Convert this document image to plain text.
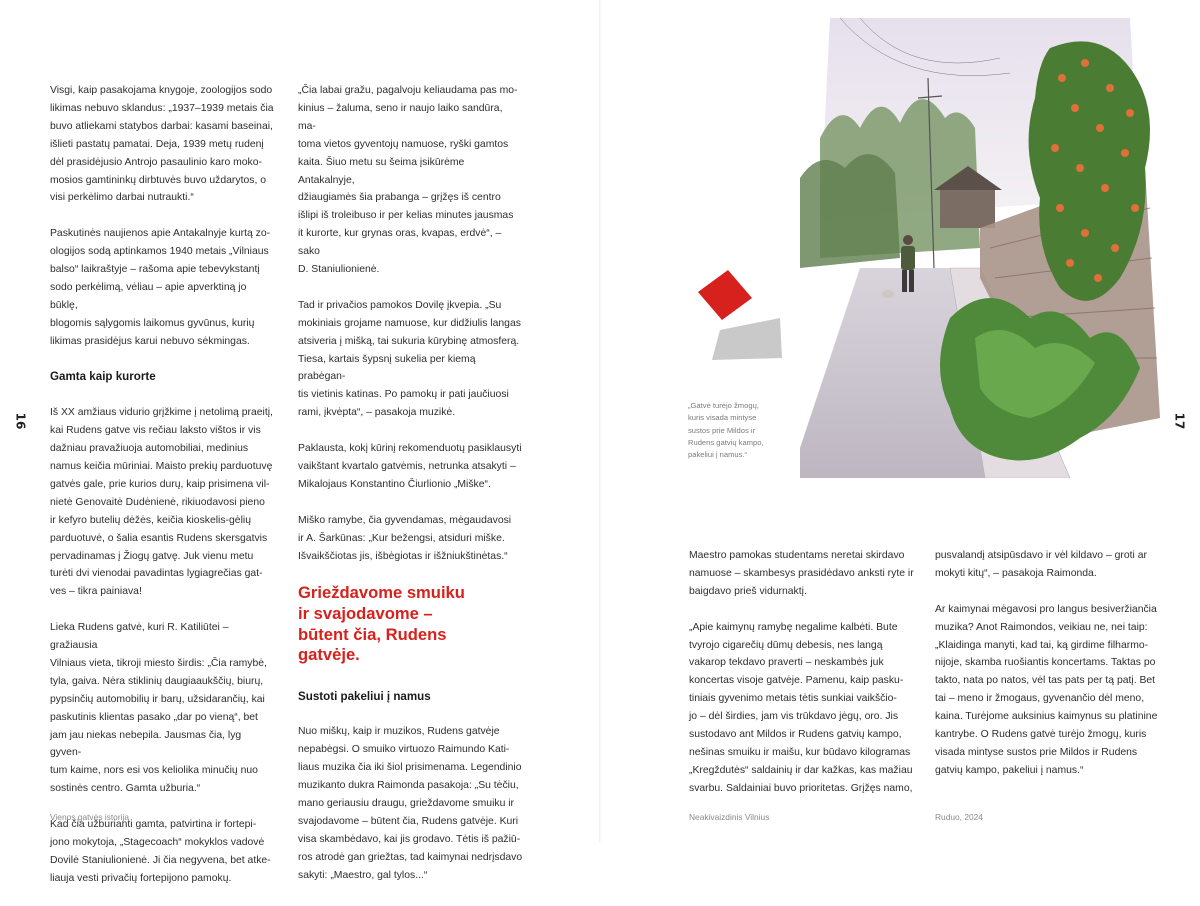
16	17

Visgi, kaip pasakojama knygoje, zoologijos sodo
likimas nebuvo sklandus: „1937–1939 metais čia
buvo atliekami statybos darbai: kasami baseinai,
išlieti pastatų pamatai. Deja, 1939 metų rudenį
dėl prasidėjusio Antrojo pasaulinio karo moko-
mosios gamtininkų dirbtuvės buvo uždarytos, o
visi perkėlimo darbai nutraukti.“

Paskutinės naujienos apie Antakalnyje kurtą zo-
ologijos sodą aptinkamos 1940 metais „Vilniaus
balso“ laikraštyje – rašoma apie tebevykstantį
sodo perkėlimą, vėliau – apie apverktiną jo būklę,
blogomis sąlygomis laikomus gyvūnus, kurių
likimas prasidėjus karui nebuvo sėkmingas.

Gamta kaip kurorte

Iš XX amžiaus vidurio grįžkime į netolimą praeitį,
kai Rudens gatve vis rečiau laksto vištos ir vis
dažniau pravažiuoja automobiliai, medinius
namus keičia mūriniai. Maisto prekių parduotuvę
gatvės gale, prie kurios durų, kaip prisimena vil-
nietė Genovaitė Dudėnienė, rikiuodavosi pieno
ir kefyro butelių dėžės, keičia kioskelis-gėlių
parduotuvė, o šalia esantis Rudens skersgatvis
pervadinamas į Žiogų gatvę. Juk vienu metu
turėti dvi vienodai pavadintas lygiagrečias gat-
ves – tikra painiava!

Lieka Rudens gatvė, kuri R. Katiliūtei – gražiausia
Vilniaus vieta, tikroji miesto širdis: „Čia ramybė,
tyla, gaiva. Nėra stiklinių daugiaaukščių, biurų,
pypsinčių automobilių ir barų, užsidarančių, kai
paskutinis klientas pasako „dar po vieną“, bet
jam jau niekas nebepila. Jausmas čia, lyg gyven-
tum kaime, nors esi vos keliolika minučių nuo
sostinės centro. Gamta užburia.“

Kad čia užburianti gamta, patvirtina ir fortepi-
jono mokytoja, „Stagecoach“ mokyklos vadovė
Dovilė Staniulionienė. Ji čia negyvena, bet atke-
liauja vesti privačių fortepijono pamokų.

„Čia labai gražu, pagalvoju keliaudama pas mo-
kinius – žaluma, seno ir naujo laiko sandūra, ma-
toma vietos gyventojų namuose, ryški gamtos
kaita. Šiuo metu su šeima įsikūrėme Antakalnyje,
džiaugiamės šia prabanga – grįžęs iš centro
išlipi iš troleibuso ir per kelias minutes jausmas
it kurorte, kur grynas oras, kvapas, erdvė“, – sako
D. Staniulionienė.

Tad ir privačios pamokos Dovilę įkvepia. „Su
mokiniais grojame namuose, kur didžiulis langas
atsiveria į mišką, tai sukuria kūrybinę atmosferą.
Tiesa, kartais šypsnį sukelia per kiemą prabėgan-
tis vietinis katinas. Po pamokų ir pati jaučiuosi
rami, įkvėpta“, – pasakoja muzikė.

Paklausta, kokį kūrinį rekomenduotų pasiklausyti
vaikštant kvartalo gatvėmis, netrunka atsakyti –
Mikalojaus Konstantino Čiurlionio „Miške“.

Miško ramybe, čia gyvendamas, mėgaudavosi
ir A. Šarkūnas: „Kur bežengsi, atsiduri miške.
Išvaikščiotas jis, išbėgiotas ir išžniukštinėtas.“

Grieždavome smuiku
ir svajodavome –
būtent čia, Rudens
gatvėje.

Sustoti pakeliui į namus

Nuo miškų, kaip ir muzikos, Rudens gatvėje
nepabėgsi. O smuiko virtuozo Raimundo Kati-
liaus muzika čia iki šiol prisimenama. Legendinio
muzikanto dukra Raimonda pasakoja: „Su tėčiu,
mano geriausiu draugu, grieždavome smuiku ir
svajodavome – būtent čia, Rudens gatvėje. Kuri
visa skambėdavo, kai jis grodavo. Tėtis iš pažiū-
ros atrodė gan griežtas, tad kaimynai nedrįsdavo
sakyti: „Maestro, gal tylos...“

Maestro pamokas studentams neretai skirdavo
namuose – skambesys prasidėdavo anksti ryte ir
baigdavo prieš vidurnaktį.

„Apie kaimynų ramybę negalime kalbėti. Bute
tvyrojo cigarečių dūmų debesis, nes langą
vakarop tekdavo praverti – neskambės juk
koncertas visoje gatvėje. Pamenu, kaip pasku-
tiniais gyvenimo metais tėtis sunkiai vaikščio-
jo – dėl širdies, jam vis trūkdavo jėgų, oro. Jis
sustodavo ant Mildos ir Rudens gatvių kampo,
nešinas smuiku ir maišu, kur būdavo kilogramas
„Kregždutės“ saldainių ir dar kažkas, kas mažiau
svarbu. Saldainiai buvo prioritetas. Grįžęs namo,

pusvalandį atsipūsdavo ir vėl kildavo – groti ar
mokyti kitų“, – pasakoja Raimonda.

Ar kaimynai mėgavosi pro langus besiveržiančia
muzika? Anot Raimondos, veikiau ne, nei taip:
„Klaidinga manyti, kad tai, ką girdime filharmo-
nijoje, skamba ruošiantis koncertams. Taktas po
takto, nata po natos, vėl tas pats per tą patį. Bet
tai – meno ir žmogaus, gyvenančio dėl meno,
kaina. Turėjome auksinius kaimynus su platinine
kantrybe. O Rudens gatvė turėjo žmogų, kuris
visada mintyse sustos prie Mildos ir Rudens
gatvių kampo, pakeliui į namus.“

„Gatvė turėjo žmogų,
kuris visada mintyse
sustos prie Mildos ir
Rudens gatvių kampo,
pakeliui į namus.“
Vienos gatvės istorija	Neakivaizdinis Vilnius	Ruduo, 2024
